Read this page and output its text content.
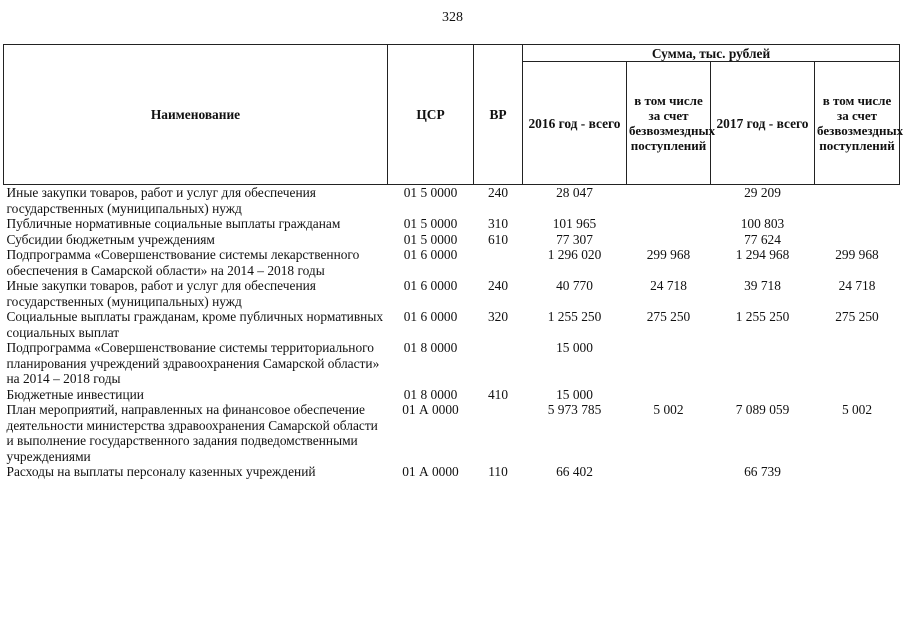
328
Наименование	ЦСР	ВР	Сумма, тыс. рублей			
			2016 год - всего	в том числе за счет безвозмездных поступлений	2017 год - всего	в том числе за счет безвозмездных поступлений
Иные закупки товаров, работ и услуг для обеспечения государственных (муниципальных) нужд	01 5 0000	240	28 047		29 209	
Публичные нормативные социальные выплаты гражданам	01 5 0000	310	101 965		100 803	
Субсидии бюджетным учреждениям	01 5 0000	610	77 307		77 624	
Подпрограмма «Совершенствование системы лекарственного обеспечения в Самарской области» на 2014 – 2018 годы	01 6 0000		1 296 020	299 968	1 294 968	299 968
Иные закупки товаров, работ и услуг для обеспечения государственных (муниципальных) нужд	01 6 0000	240	40 770	24 718	39 718	24 718
Социальные выплаты гражданам, кроме публичных нормативных социальных выплат	01 6 0000	320	1 255 250	275 250	1 255 250	275 250
Подпрограмма «Совершенствование системы территориального планирования учреждений здравоохранения Самарской области» на 2014 – 2018 годы	01 8 0000		15 000			
Бюджетные инвестиции	01 8 0000	410	15 000			
План мероприятий, направленных на финансовое обеспечение деятельности министерства здравоохранения Самарской области и выполнение государственного задания подведомственными учреждениями	01 А 0000		5 973 785	5 002	7 089 059	5 002
Расходы на выплаты персоналу казенных учреждений	01 А 0000	110	66 402		66 739	
